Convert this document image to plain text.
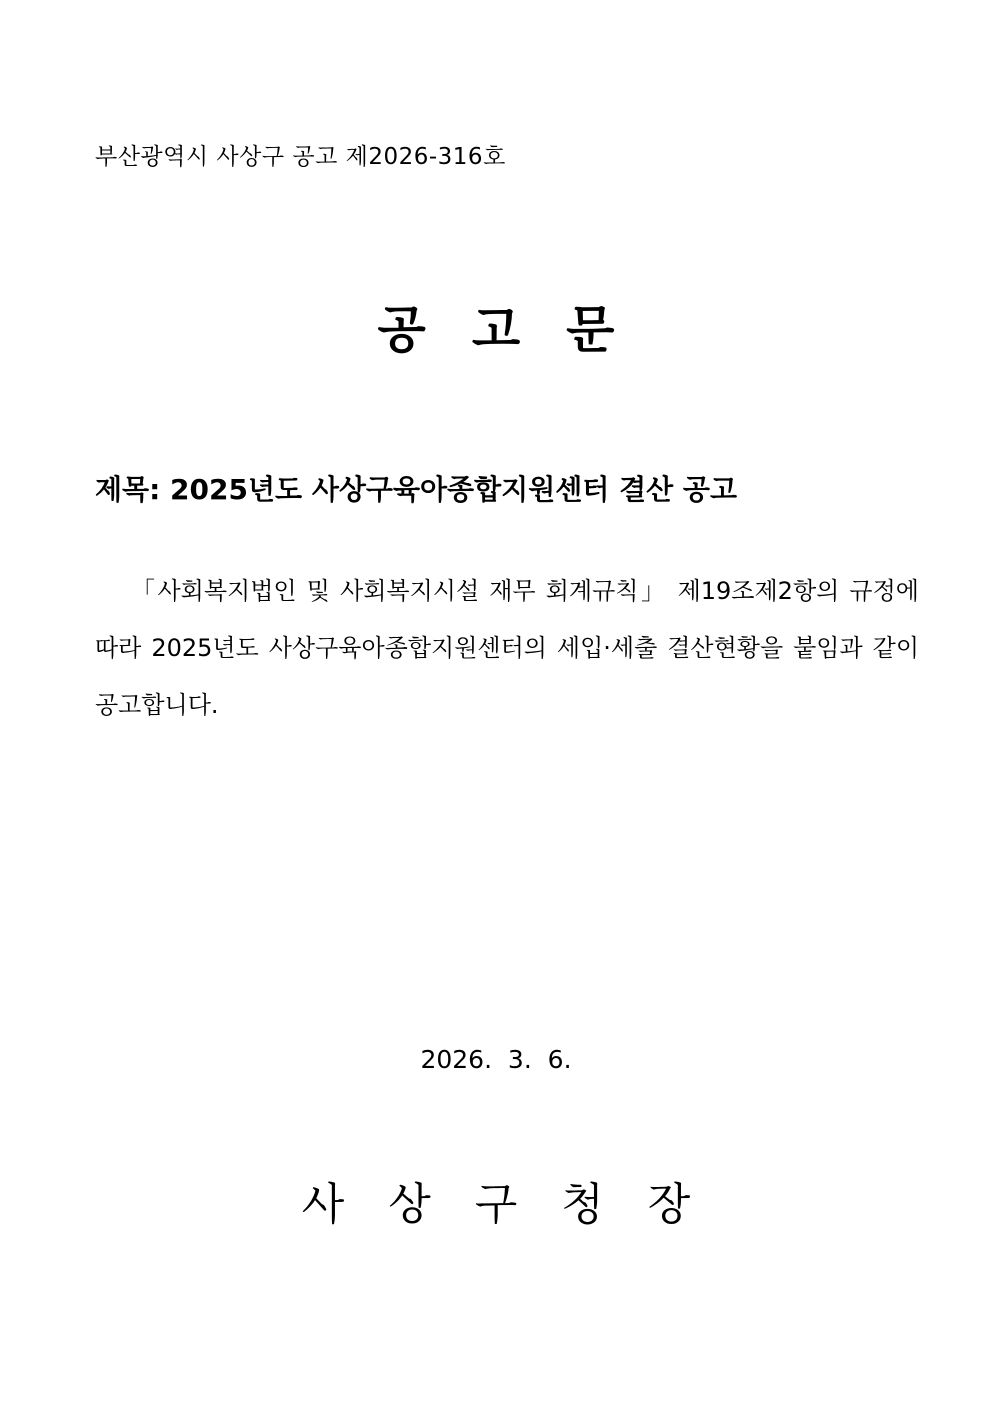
부산광역시 사상구 공고 제2026-316호
공고문
제목: 2025년도 사상구육아종합지원센터 결산 공고
「사회복지법인 및 사회복지시설 재무 회계규칙」 제19조제2항의 규정에 따라 2025년도 사상구육아종합지원센터의 세입·세출 결산현황을 붙임과 같이 공고합니다.
2026.  3.  6.
사상구청장
